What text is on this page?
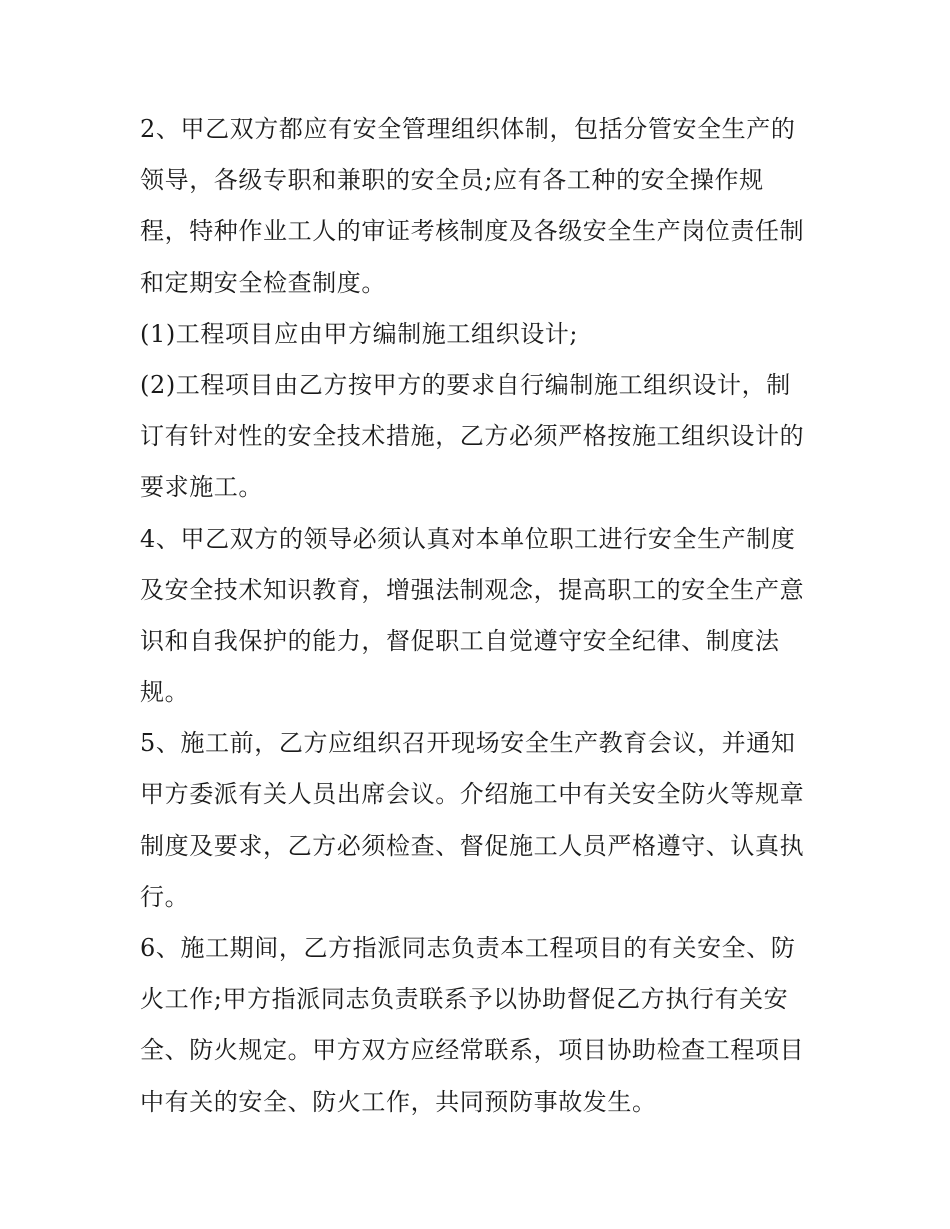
2、甲乙双方都应有安全管理组织体制，包括分管安全生产的
领导，各级专职和兼职的安全员;应有各工种的安全操作规
程，特种作业工人的审证考核制度及各级安全生产岗位责任制
和定期安全检查制度。
(1)工程项目应由甲方编制施工组织设计;
(2)工程项目由乙方按甲方的要求自行编制施工组织设计，制
订有针对性的安全技术措施，乙方必须严格按施工组织设计的
要求施工。
4、甲乙双方的领导必须认真对本单位职工进行安全生产制度
及安全技术知识教育，增强法制观念，提高职工的安全生产意
识和自我保护的能力，督促职工自觉遵守安全纪律、制度法
规。
5、施工前，乙方应组织召开现场安全生产教育会议，并通知
甲方委派有关人员出席会议。介绍施工中有关安全防火等规章
制度及要求，乙方必须检查、督促施工人员严格遵守、认真执
行。
6、施工期间，乙方指派同志负责本工程项目的有关安全、防
火工作;甲方指派同志负责联系予以协助督促乙方执行有关安
全、防火规定。甲方双方应经常联系，项目协助检查工程项目
中有关的安全、防火工作，共同预防事故发生。
